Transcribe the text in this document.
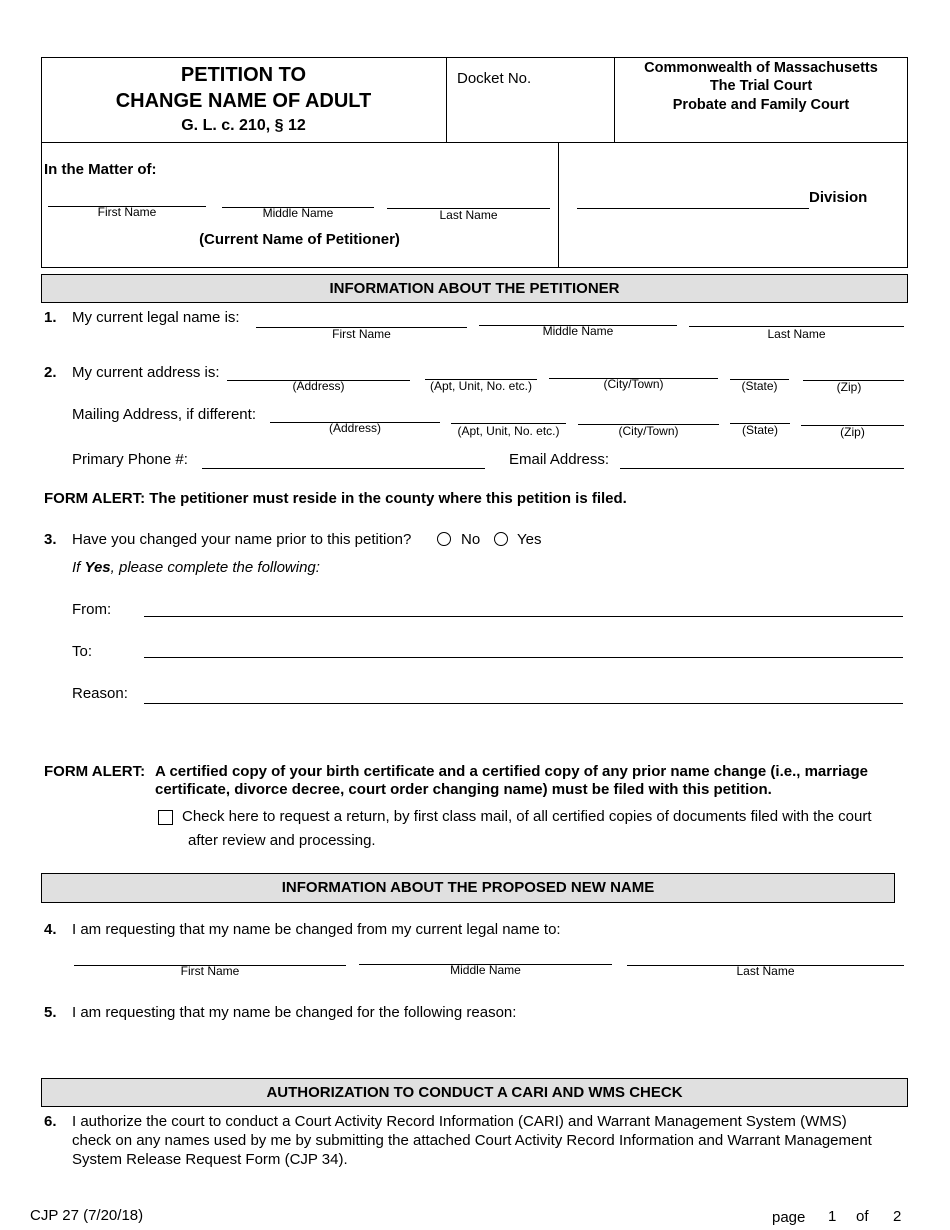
PETITION TO
CHANGE NAME OF ADULT
G. L. c. 210, § 12
Docket No.
Commonwealth of Massachusetts
The Trial Court
Probate and Family Court
In the Matter of:
First Name	Middle Name	Last Name
(Current Name of Petitioner)
Division
INFORMATION ABOUT THE PETITIONER
1. My current legal name is:
First Name	Middle Name	Last Name
2. My current address is:
(Address)	(Apt, Unit, No. etc.)	(City/Town)	(State)	(Zip)
Mailing Address, if different:
(Address)	(Apt, Unit, No. etc.)	(City/Town)	(State)	(Zip)
Primary Phone #:	Email Address:
FORM ALERT: The petitioner must reside in the county where this petition is filed.
3. Have you changed your name prior to this petition?	No Yes
If Yes, please complete the following:
From:
To:
Reason:
FORM ALERT: A certified copy of your birth certificate and a certified copy of any prior name change (i.e., marriage
certificate, divorce decree, court order changing name) must be filed with this petition.
Check here to request a return, by first class mail, of all certified copies of documents filed with the court
after review and processing.
INFORMATION ABOUT THE PROPOSED NEW NAME
4. I am requesting that my name be changed from my current legal name to:
First Name	Middle Name	Last Name
5. I am requesting that my name be changed for the following reason:
AUTHORIZATION TO CONDUCT A CARI AND WMS CHECK
6. I authorize the court to conduct a Court Activity Record Information (CARI) and Warrant Management System (WMS)
check on any names used by me by submitting the attached Court Activity Record Information and Warrant Management
System Release Request Form (CJP 34).
CJP 27 (7/20/18)	page 1 of 2
